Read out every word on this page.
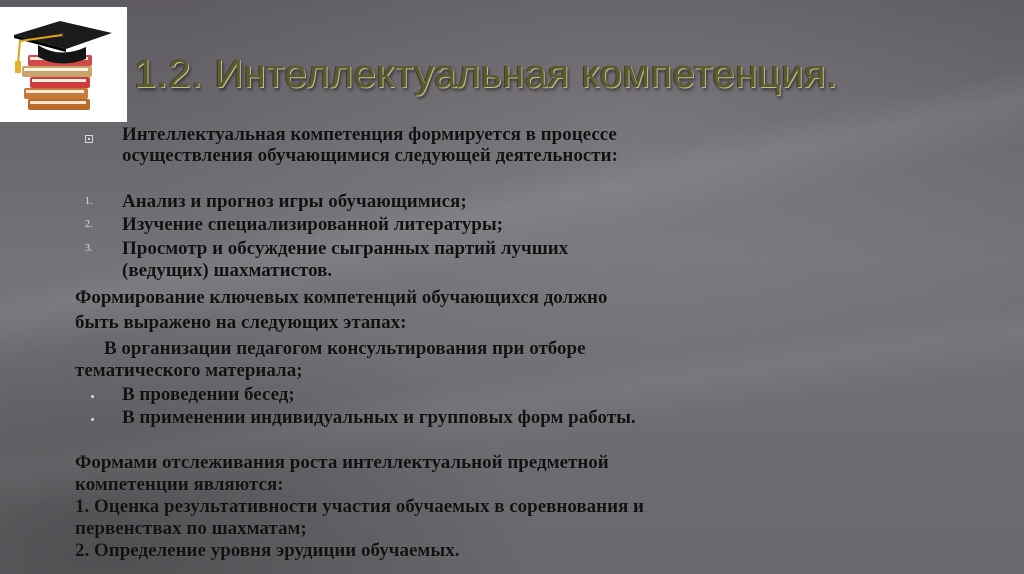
1.2. Интеллектуальная компетенция.
Интеллектуальная компетенция формируется в процессе
осуществления обучающимися следующей деятельности:
1. Анализ и прогноз игры обучающимися;
2. Изучение специализированной литературы;
3. Просмотр и обсуждение сыгранных партий лучших
(ведущих) шахматистов.
Формирование ключевых компетенций обучающихся должно
быть выражено на следующих этапах:
В организации педагогом консультирования при отборе
тематического материала;
В проведении бесед;
В применении индивидуальных и групповых форм работы.
Формами отслеживания роста интеллектуальной предметной
компетенции являются:
1. Оценка результативности участия обучаемых в соревнования и
первенствах по шахматам;
2. Определение уровня эрудиции обучаемых.
